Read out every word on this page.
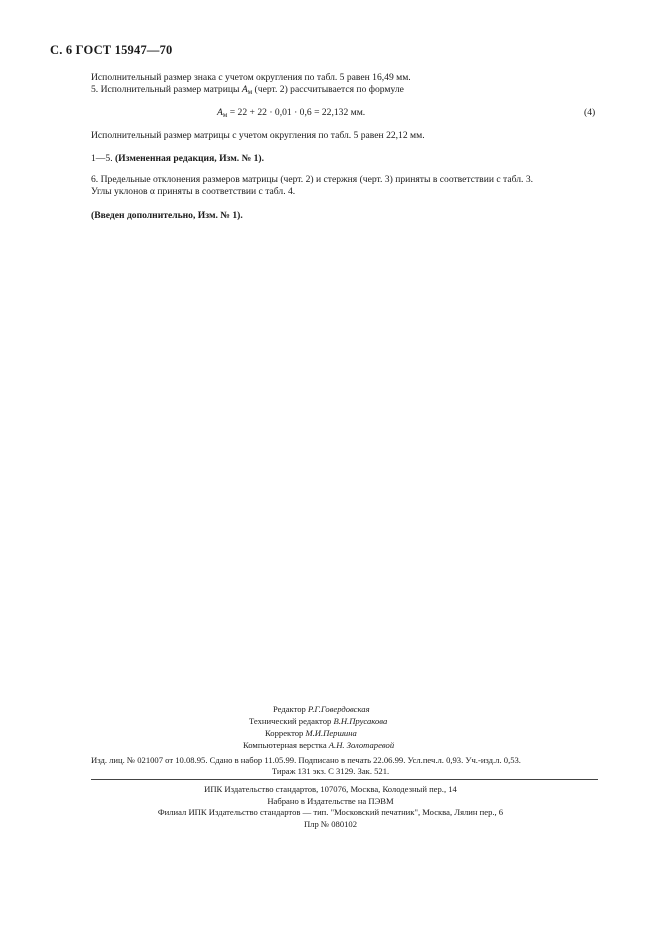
С. 6 ГОСТ 15947—70
Исполнительный размер знака с учетом округления по табл. 5 равен 16,49 мм.
5. Исполнительный размер матрицы $A_м$ (черт. 2) рассчитывается по формуле
$A_м = 22 + 22 \cdot 0,01 \cdot 0,6 = 22,132$ мм.	(4)
Исполнительный размер матрицы с учетом округления по табл. 5 равен 22,12 мм.
1—5. (Измененная редакция, Изм. № 1).
6. Предельные отклонения размеров матрицы (черт. 2) и стержня (черт. 3) приняты в соответствии с табл. 3.
Углы уклонов α приняты в соответствии с табл. 4.
(Введен дополнительно, Изм. № 1).
Редактор Р.Г.Говердовская
Технический редактор В.Н.Прусакова
Корректор М.И.Першина
Компьютерная верстка А.Н. Золотаревой
Изд. лиц. № 021007 от 10.08.95. Сдано в набор 11.05.99. Подписано в печать 22.06.99. Усл.печ.л. 0,93. Уч.-изд.л. 0,53.
Тираж 131 экз. С 3129. Зак. 521.
ИПК Издательство стандартов, 107076, Москва, Колодезный пер., 14
Набрано в Издательстве на ПЭВМ
Филиал ИПК Издательство стандартов — тип. "Московский печатник", Москва, Лялин пер., 6
Плр № 080102
